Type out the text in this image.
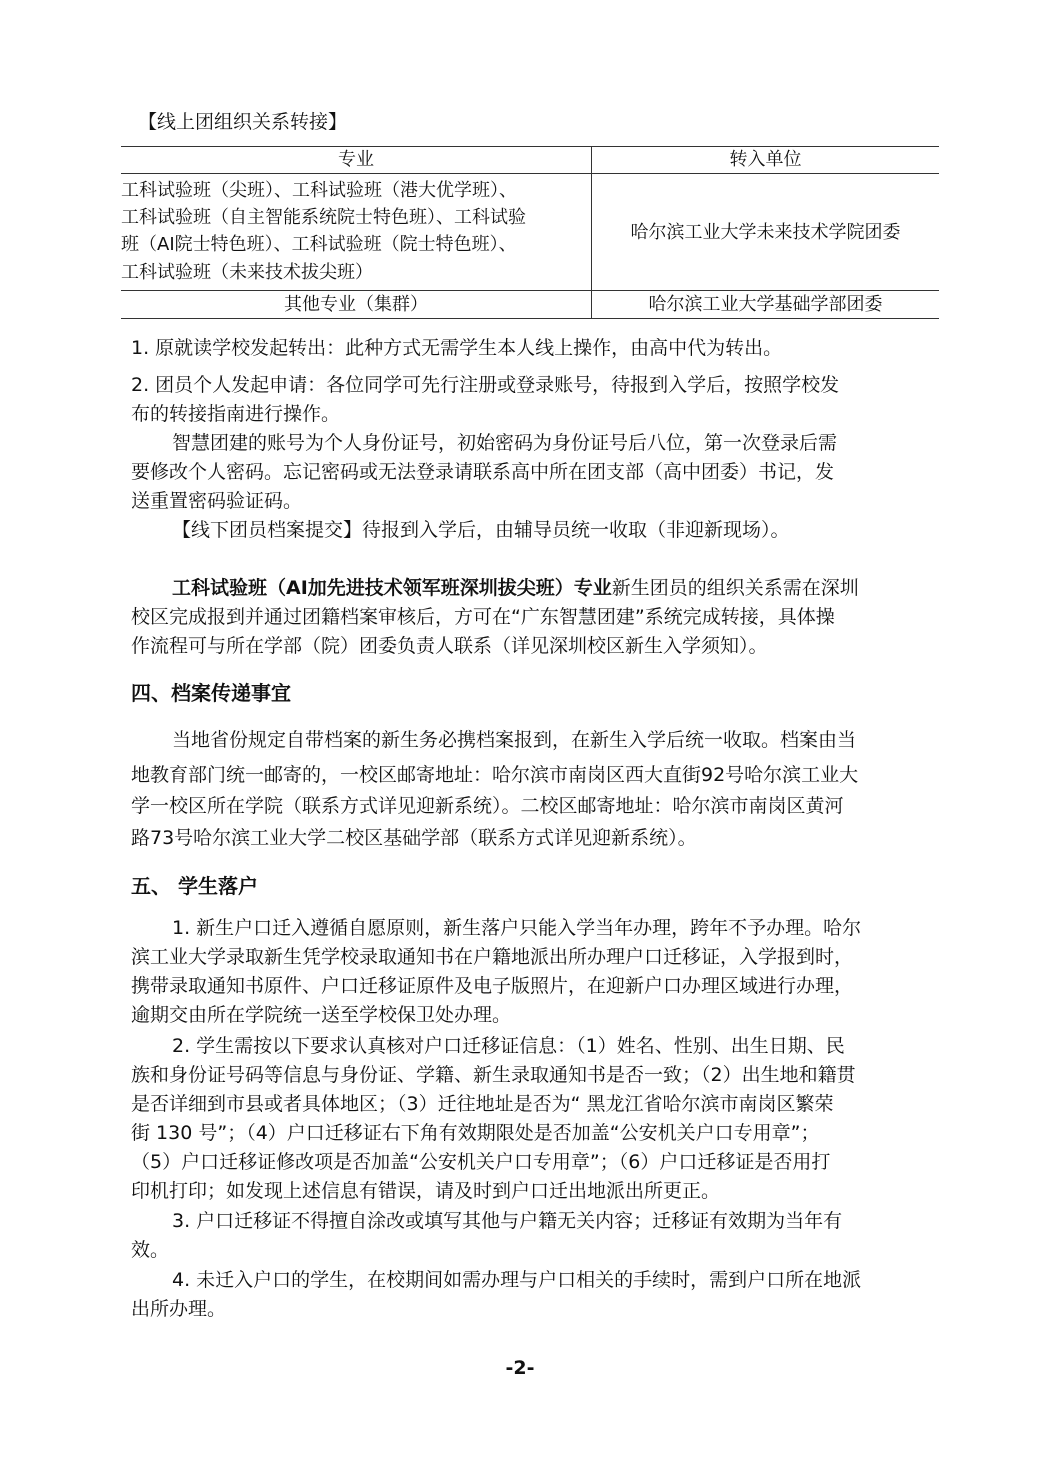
【线上团组织关系转接】
专业	转入单位
工科试验班（尖班）、工科试验班（港大优学班）、
工科试验班（自主智能系统院士特色班）、工科试验
班（AI院士特色班）、工科试验班（院士特色班）、
工科试验班（未来技术拔尖班）
哈尔滨工业大学未来技术学院团委
其他专业（集群）	哈尔滨工业大学基础学部团委
1. 原就读学校发起转出：此种方式无需学生本人线上操作，由高中代为转出。
2. 团员个人发起申请：各位同学可先行注册或登录账号，待报到入学后，按照学校发
布的转接指南进行操作。
智慧团建的账号为个人身份证号，初始密码为身份证号后八位，第一次登录后需
要修改个人密码。忘记密码或无法登录请联系高中所在团支部（高中团委）书记，发
送重置密码验证码。
【线下团员档案提交】待报到入学后，由辅导员统一收取（非迎新现场）。
工科试验班（AI加先进技术领军班深圳拔尖班）专业新生团员的组织关系需在深圳
校区完成报到并通过团籍档案审核后，方可在“广东智慧团建”系统完成转接，具体操
作流程可与所在学部（院）团委负责人联系（详见深圳校区新生入学须知）。
四、档案传递事宜
当地省份规定自带档案的新生务必携档案报到，在新生入学后统一收取。档案由当
地教育部门统一邮寄的，一校区邮寄地址：哈尔滨市南岗区西大直街92号哈尔滨工业大
学一校区所在学院（联系方式详见迎新系统）。二校区邮寄地址：哈尔滨市南岗区黄河
路73号哈尔滨工业大学二校区基础学部（联系方式详见迎新系统）。
五、 学生落户
1. 新生户口迁入遵循自愿原则，新生落户只能入学当年办理，跨年不予办理。哈尔
滨工业大学录取新生凭学校录取通知书在户籍地派出所办理户口迁移证，入学报到时，
携带录取通知书原件、户口迁移证原件及电子版照片，在迎新户口办理区域进行办理，
逾期交由所在学院统一送至学校保卫处办理。
2. 学生需按以下要求认真核对户口迁移证信息：（1）姓名、性别、出生日期、民
族和身份证号码等信息与身份证、学籍、新生录取通知书是否一致；（2）出生地和籍贯
是否详细到市县或者具体地区；（3）迁往地址是否为“ 黑龙江省哈尔滨市南岗区繁荣
街 130 号”；（4）户口迁移证右下角有效期限处是否加盖“公安机关户口专用章”；
（5）户口迁移证修改项是否加盖“公安机关户口专用章”；（6）户口迁移证是否用打
印机打印；如发现上述信息有错误，请及时到户口迁出地派出所更正。
3. 户口迁移证不得擅自涂改或填写其他与户籍无关内容；迁移证有效期为当年有
效。
4. 未迁入户口的学生，在校期间如需办理与户口相关的手续时，需到户口所在地派
出所办理。
-2-
